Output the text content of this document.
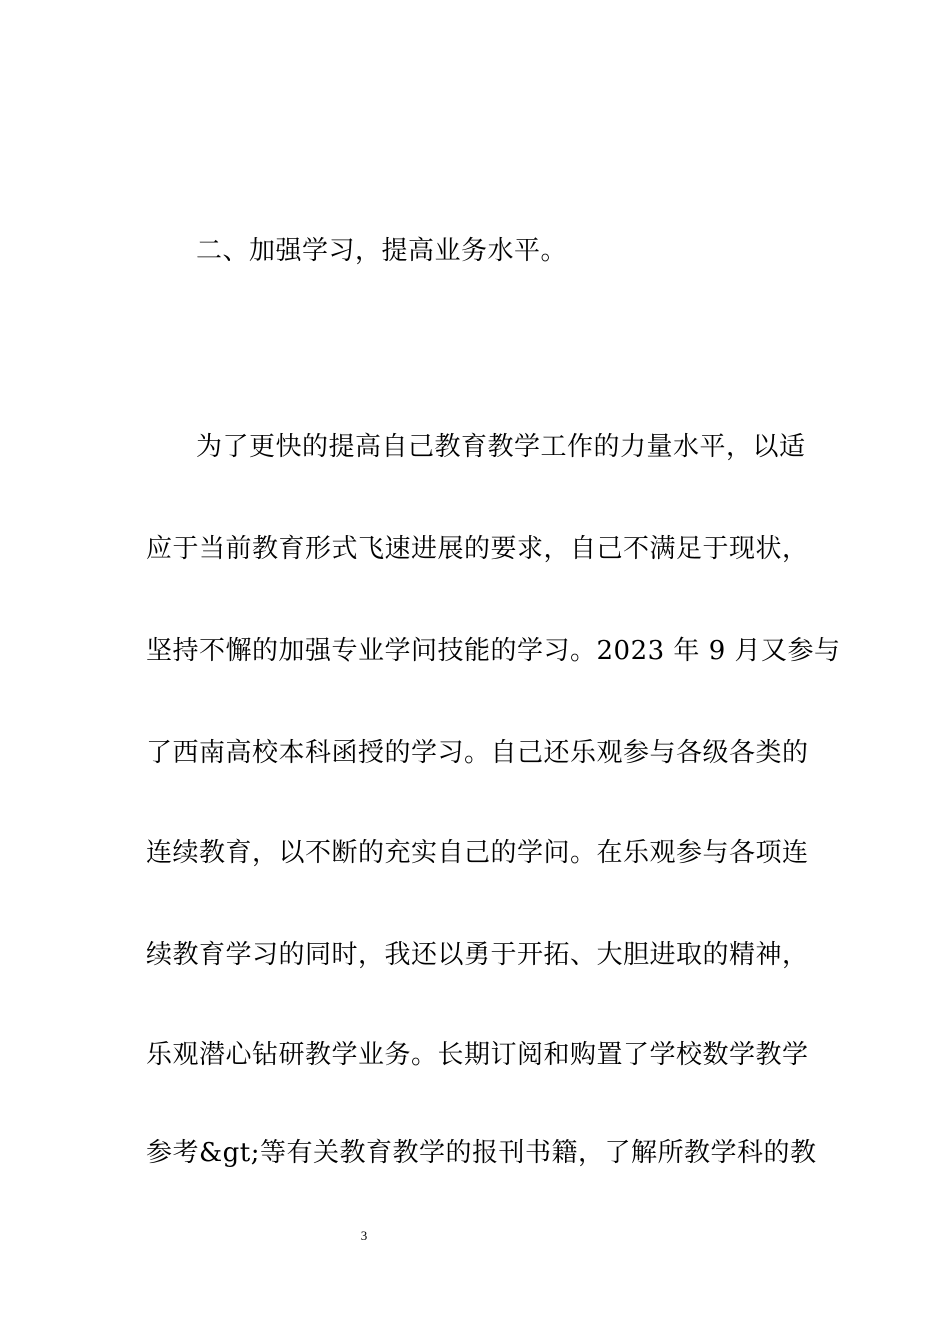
二、加强学习，提高业务水平。
为了更快的提高自己教育教学工作的力量水平，以适
应于当前教育形式飞速进展的要求，自己不满足于现状，
坚持不懈的加强专业学问技能的学习。2023 年 9 月又参与
了西南高校本科函授的学习。自己还乐观参与各级各类的
连续教育，以不断的充实自己的学问。在乐观参与各项连
续教育学习的同时，我还以勇于开拓、大胆进取的精神，
乐观潜心钻研教学业务。长期订阅和购置了学校数学教学
参考&gt;等有关教育教学的报刊书籍，了解所教学科的教
3
